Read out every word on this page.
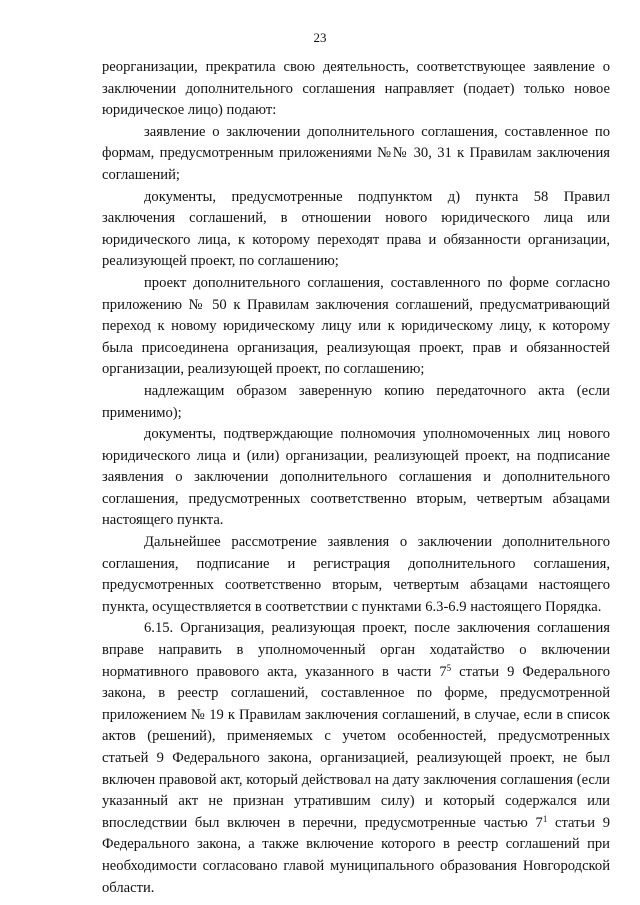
23

реорганизации, прекратила свою деятельность, соответствующее заявление о заключении дополнительного соглашения направляет (подает) только новое юридическое лицо) подают:

заявление о заключении дополнительного соглашения, составленное по формам, предусмотренным приложениями №№ 30, 31 к Правилам заключения соглашений;

документы, предусмотренные подпунктом д) пункта 58 Правил заключения соглашений, в отношении нового юридического лица или юридического лица, к которому переходят права и обязанности организации, реализующей проект, по соглашению;

проект дополнительного соглашения, составленного по форме согласно приложению № 50 к Правилам заключения соглашений, предусматривающий переход к новому юридическому лицу или к юридическому лицу, к которому была присоединена организация, реализующая проект, прав и обязанностей организации, реализующей проект, по соглашению;

надлежащим образом заверенную копию передаточного акта (если применимо);

документы, подтверждающие полномочия уполномоченных лиц нового юридического лица и (или) организации, реализующей проект, на подписание заявления о заключении дополнительного соглашения и дополнительного соглашения, предусмотренных соответственно вторым, четвертым абзацами настоящего пункта.

Дальнейшее рассмотрение заявления о заключении дополнительного соглашения, подписание и регистрация дополнительного соглашения, предусмотренных соответственно вторым, четвертым абзацами настоящего пункта, осуществляется в соответствии с пунктами 6.3-6.9 настоящего Порядка.

6.15. Организация, реализующая проект, после заключения соглашения вправе направить в уполномоченный орган ходатайство о включении нормативного правового акта, указанного в части $7^5$ статьи 9 Федерального закона, в реестр соглашений, составленное по форме, предусмотренной приложением № 19 к Правилам заключения соглашений, в случае, если в список актов (решений), применяемых с учетом особенностей, предусмотренных статьей 9 Федерального закона, организацией, реализующей проект, не был включен правовой акт, который действовал на дату заключения соглашения (если указанный акт не признан утратившим силу) и который содержался или впоследствии был включен в перечни, предусмотренные частью $7^1$ статьи 9 Федерального закона, а также включение которого в реестр соглашений при необходимости согласовано главой муниципального образования Новгородской области.
